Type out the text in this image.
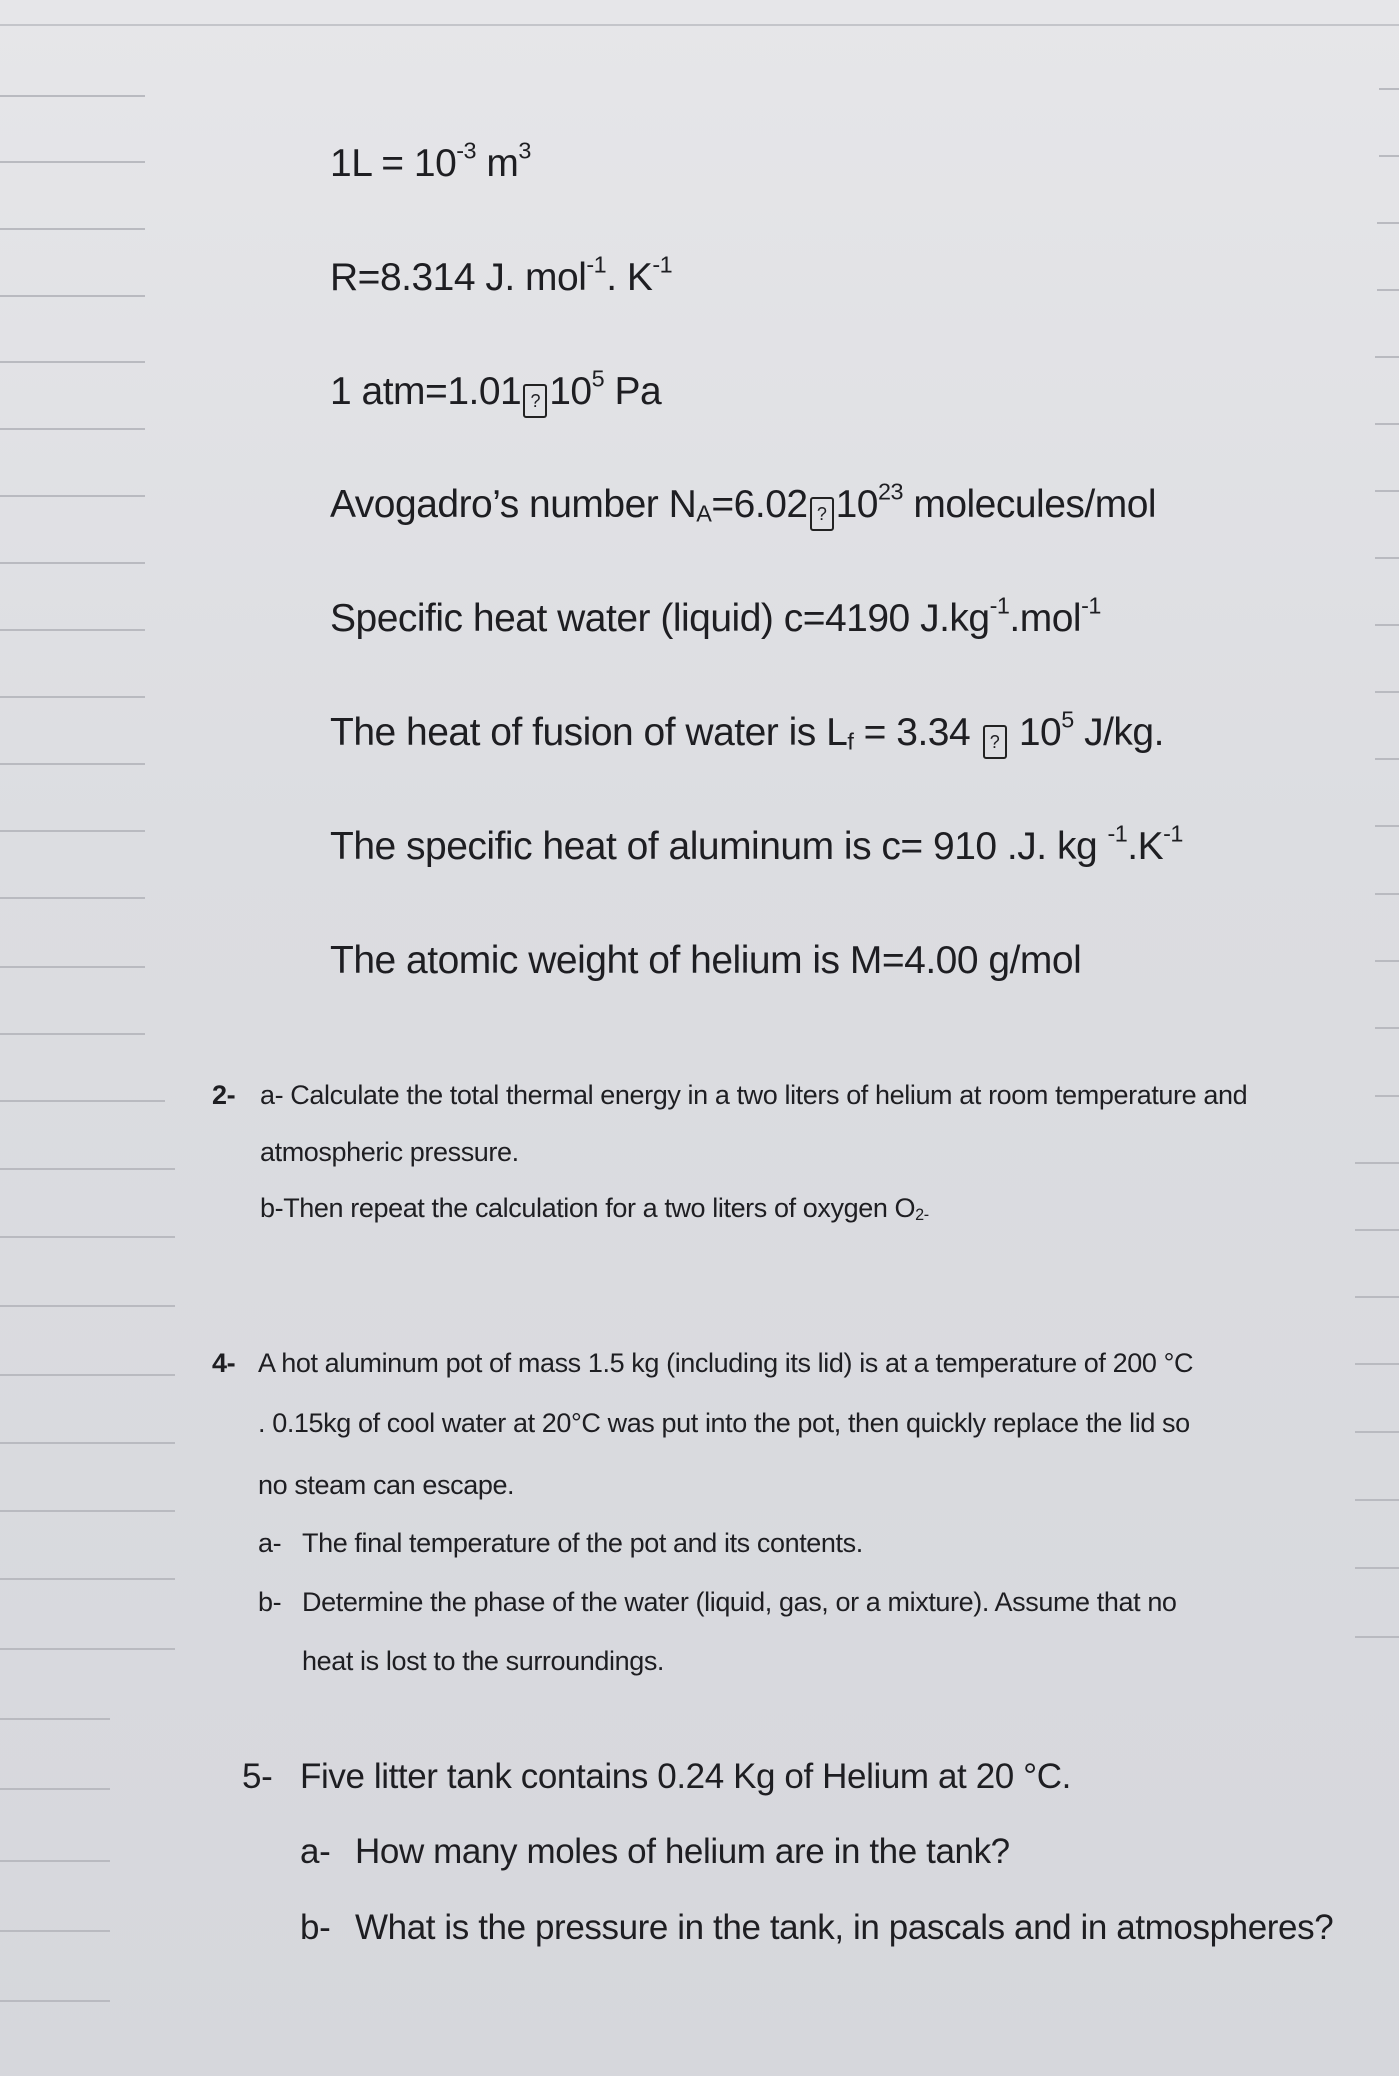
$1L = 10^{-3}$ $m^3$
R=8.314 J. mol$^{-1}$. $K^{-1}$
1 atm=1.01 ? $10^5$ Pa
Avogadro’s number $N_A=6.02$ ? $10^{23}$ molecules/mol
Specific heat water (liquid) c=4190 $J.kg^{-1}.mol^{-1}$
The heat of fusion of water is $L_f = 3.34$ ? $10^5$ J/kg.
The specific heat of aluminum is c= 910 .J. kg $^{-1}.K^{-1}$
The atomic weight of helium is M=4.00 g/mol
2- a- Calculate the total thermal energy in a two liters of helium at room temperature and
atmospheric pressure.
b-Then repeat the calculation for a two liters of oxygen $O_{2-}$
4- A hot aluminum pot of mass 1.5 kg (including its lid) is at a temperature of 200 °C
. 0.15kg of cool water at 20°C was put into the pot, then quickly replace the lid so
no steam can escape.
a- The final temperature of the pot and its contents.
b- Determine the phase of the water (liquid, gas, or a mixture). Assume that no
heat is lost to the surroundings.
5- Five litter tank contains 0.24 Kg of Helium at 20 °C.
a- How many moles of helium are in the tank?
b- What is the pressure in the tank, in pascals and in atmospheres?
